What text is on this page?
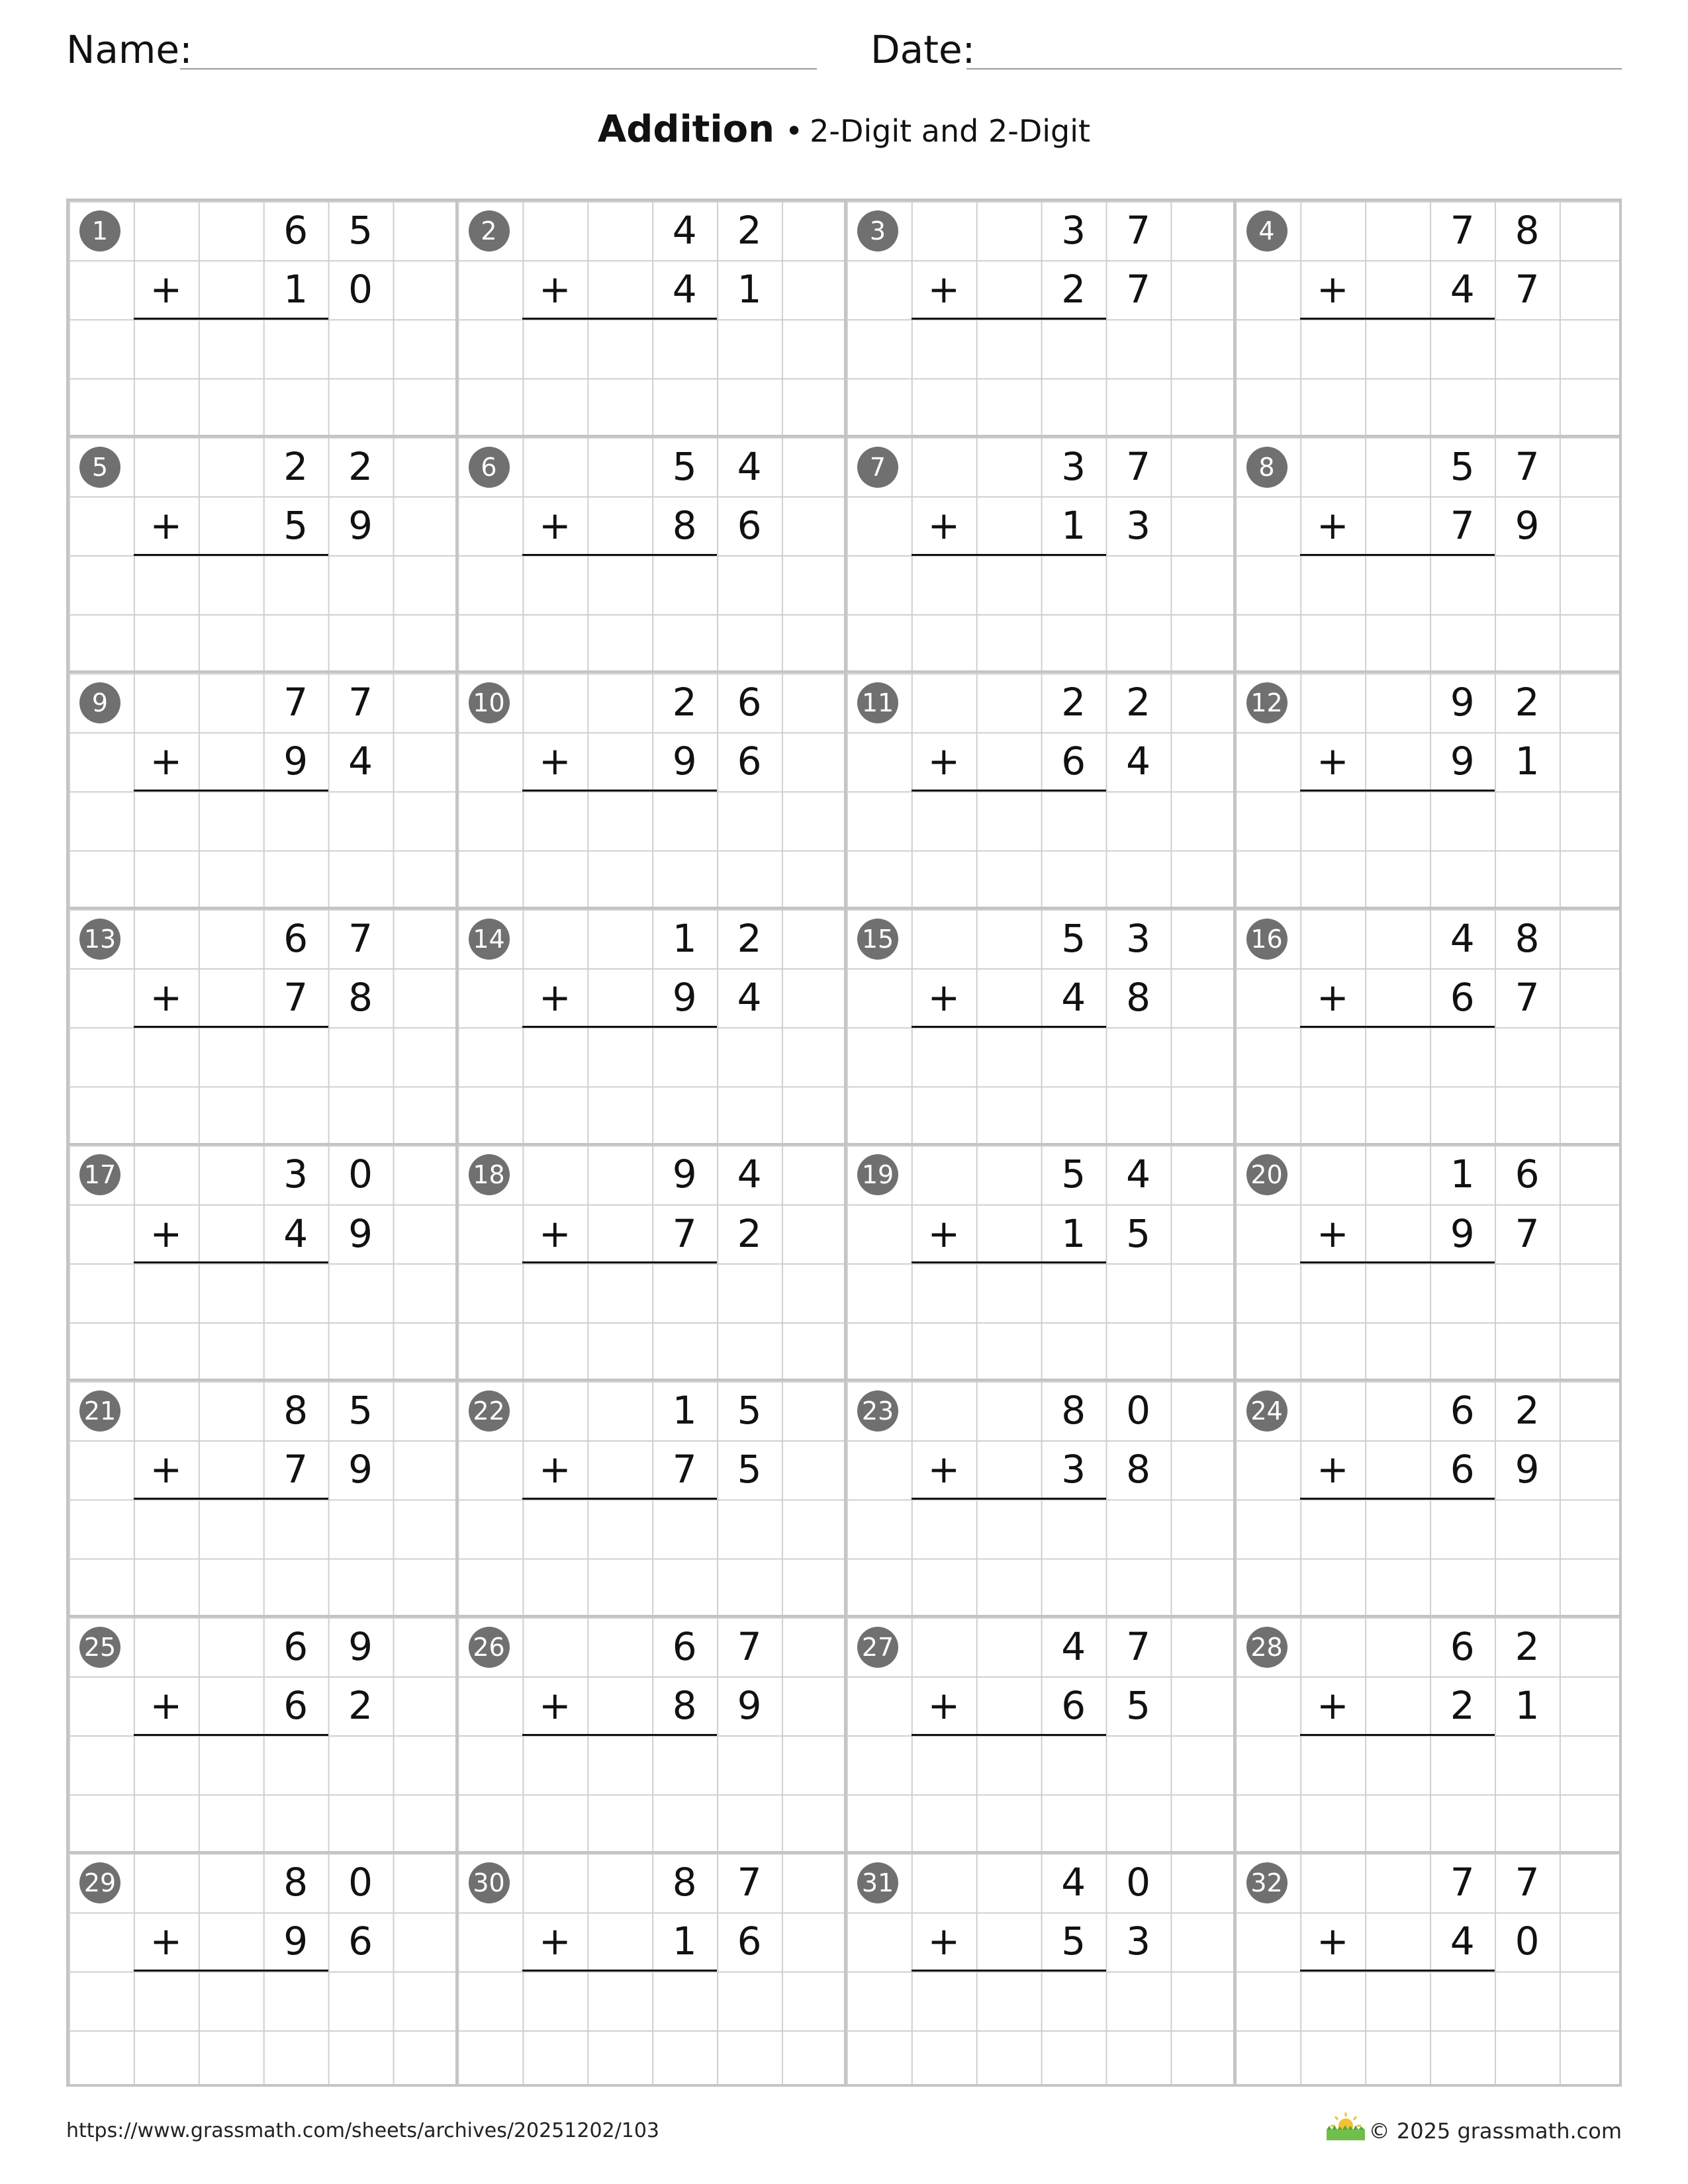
Name:	Date:
Addition • 2-Digit and 2-Digit
1	6	5
+	1	0
2	4	2
+	4	1
3	3	7
+	2	7
4	7	8
+	4	7
5	2	2
+	5	9
6	5	4
+	8	6
7	3	7
+	1	3
8	5	7
+	7	9
9	7	7
+	9	4
10	2	6
+	9	6
11	2	2
+	6	4
12	9	2
+	9	1
13	6	7
+	7	8
14	1	2
+	9	4
15	5	3
+	4	8
16	4	8
+	6	7
17	3	0
+	4	9
18	9	4
+	7	2
19	5	4
+	1	5
20	1	6
+	9	7
21	8	5
+	7	9
22	1	5
+	7	5
23	8	0
+	3	8
24	6	2
+	6	9
25	6	9
+	6	2
26	6	7
+	8	9
27	4	7
+	6	5
28	6	2
+	2	1
29	8	0
+	9	6
30	8	7
+	1	6
31	4	0
+	5	3
32	7	7
+	4	0
https://www.grassmath.com/sheets/archives/20251202/103	© 2025 grassmath.com
